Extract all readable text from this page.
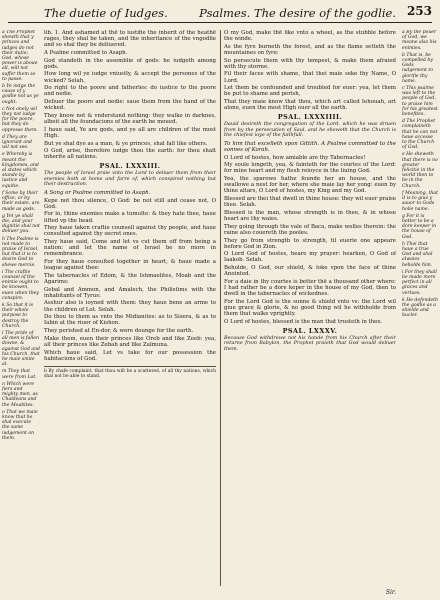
The duetie of Iudges.	Psalmes. The desire of the godlie. 253

a The Prophet shewth that y princes and iudges do not their dutie; God, whose power is aboue all, will not suffer them so to passe.

b Ye indge the cause of y godlie not as ye ought.

c Not onely wil they not iudge for the poore, but they do oppresse them.

d They are ignorant and wil not see.

e Whereby is meant the kingdomes, and al states which stande by iustice and equitie.

f Some by their office, or by their estate, are made as gods.

g Yet ye shall die, and your dignitie shal not deliuer you.

h The Psalme is not made to praise of Israel, but that it is to desire God to shewe mercie.

i The craftie counsel of the enimie ought to be knowen, euen when they conspire.

k So that it is their whole purpose to destroy the Church.

l The pride of all men is fallen downe, & against God and his Church, that he maie smite al.

m They that were from Lot.

n Which were fiers and mighty men, as Chaldeans and the Moabites.

o That we maie know that he shal execute the same iudgement on them.

a By the pouer of God, we meane also his enimies.

b That is, be compelled by Gods iudgement to glorifie thy name.

c This psalme was left to the people of God, to praise him for his greatest benefites.

d The Prophet complaineth that he can not haue accesse to the Church of God.

e He sheweth that there is no greater felicitie in the world then to be in the Church.

f Meaning, that it is to giue y sauor to Gods holie name.

g For it is better to be a dore keeper in the house of God.

h Thei that haue a true God and shal alwaies beholde him.

i For they shall be made more perfect in all graces and vertues.

k He defendeth the godlie as a shielde and bucler.

lib. 1. And ashamed at thē to iustifie the inherit of the heathē rages, they shal be taken, and the inheritance of the vngodlie and so shal they be deliuered.

A Psalme committed to Asaph.

God standeth in the assemblie of gods: he iudgeth among gods.

How long wil ye iudge vniustly, & accept the persones of the wicked? Selah.

Do right to the poore and fatherles: do iustice to the poore and nedie.

Deliuer the poore and nedie: saue them from the hand of the wicked.

They know not & vnderstand nothing: they walke in darknes, albeit all the foundacions of the earth be moued.

I haue said, Ye are gods, and ye all are children of the most High.

But ye shal dye as a man, & ye princes, shal fall like others.

O God, arise, therefore iudge thou the earth: for thou shalt inherite all nations.

PSAL. LXXXIII.
The people of Israel praie vnto the Lord to deliuer them from their enemies both at home and farre of, which conspired nothing but their destruction.

A Song or Psalme committed to Asaph.

Kepe not thou silence, O God: be not still and cease not, O God.

For lo, thine enemies make a tumulte: & they hate thee, haue lifted vp the head.

They haue taken craftie counsell against thy people, and haue consulted against thy secret ones.

They haue said, Come and let vs cut them off from being a nation: and let the name of Israel be no more in remembrance.

For they haue consulted together in heart, & haue made a league against thee:

The tabernacles of Edom, & the Ishmaelites, Moab and the Agarims:

Gebal and Ammon, and Amalech, the Philistims with the inhabitants of Tyrus:

Asshur also is ioyned with them: they haue bene an arme to the children of Lot. Selah.

Do thou to them as vnto the Midianites: as to Sisera, & as to Iabin at the riuer of Kishon.

They perished at En-dor, & were dounge for the earth.

Make them, euen their princes like Oreb and like Zeeb: yea, all their princes like Zebah and like Zalmuna.

Which haue said, Let vs take for our possession the habitacions of God.

b By chafe complaint, that thou wilt be a scattered, of all thy nations, which shal not be able to stand.

O my God, make thē like vnto a wheel, as the stubble before the winde.

As the fyre burneth the forest, and as the flame setteth the mountaines on fyre:

So persecute them with thy tempest, & make them afraied with thy storme.

Fil their faces with shame, that thei maie seke thy Name, O Lord.

Let them be confounded and troubled for euer: yea, let them be put to shame and perish,

That they maie know that thou, which art called Iehouah, art alone, euen the most High ouer all the earth.

PSAL. LXXXIIII.
Dauid desireth the congregation of the Lord, which he was driuen from by the persecution of Saul, and he sheweth that the Church is the chiefest ioye of the faithfull.

To him that excelleth vpon Gittith. A Psalme committed to the sonnes of Korah.

O Lord of hostes, how amiable are thy Tabernacles!

My soule longeth, yea, & fainteth for the courtes of the Lord: for mine heart and my flesh reioyce in the liuing God.

Yea, the sparowe hathe founde her an house, and the swallowe a nest for her, where she maie lay her yong: euen by thine altars, O Lord of hostes, my King and my God.

Blessed are thei that dwell in thine house: they wil euer praise thee. Selah.

Blessed is the man, whose strength is in thee, & in whose heart are thy waies.

They going through the vale of Baca, make welles therein: the raine also couereth the pooles.

They go from strength to strength, til euerie one appeare before God in Zion.

O Lord God of hostes, heare my prayer: hearken, O God of Iaakob. Selah.

Beholde, O God, our shield, & loke vpon the face of thine Anointed.

For a daie in thy courtes is better thē a thousand other where: I had rather be a dore keper in the house of my God, then to dwell in the tabernacles of wickednes.

For the Lord God is the sunne & shield vnto vs: the Lord wil giue grace & glorie, & no good thing wil he withholde from them that walke vprightly.

O Lord of hostes, blessed is the man that trusteth in thee.

PSAL. LXXXV.
Because God withdrewe not his hande from his Church after their returne from Babylon, the Prophet praieth that God would deliuer them.
Sir.
